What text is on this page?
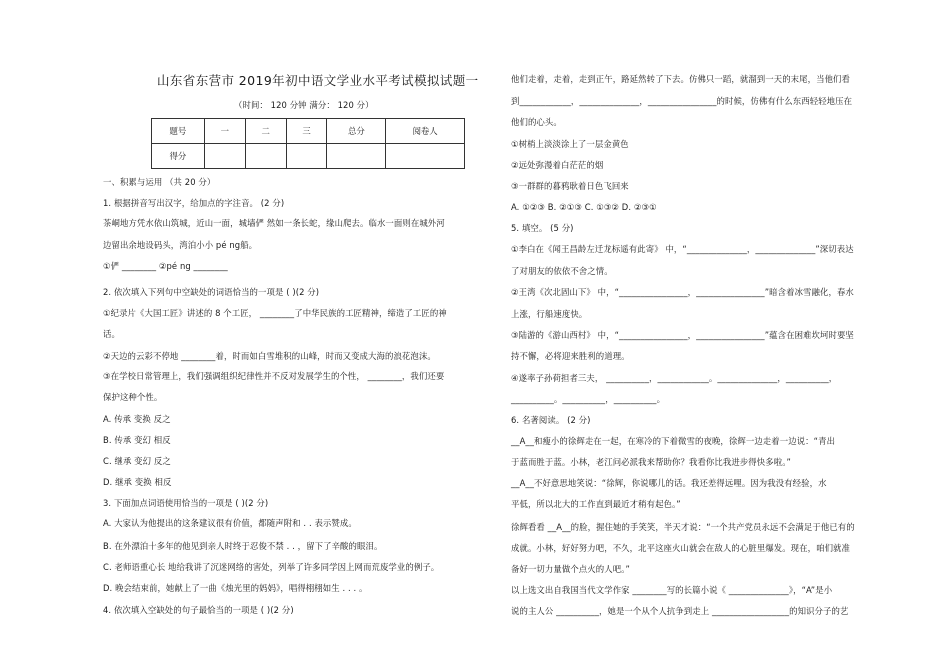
山东省东营市 2019年初中语文学业水平考试模拟试题一
（时间： 120 分钟 满分： 120 分）
题号	一	二	三	总分	阅卷人
得分					
一、积累与运用 （共 20 分）
1. 根据拼音写出汉字，给加点的字注音。 (2 分)
茶峒地方凭水依山筑城，近山一面，城墙俨 然如一条长蛇，缘山爬去。临水一面则在城外河
边留出余地设码头，湾泊小小 pé ng船。
①俨 ________ ②pé ng ________
2. 依次填入下列句中空缺处的词语恰当的一项是 ( )(2 分)
①纪录片《大国工匠》讲述的 8 个工匠， ________了中华民族的工匠精神，缔造了工匠的神
话。
②天边的云彩不停地 ________着，时而如白雪堆积的山峰，时而又变成大海的浪花泡沫。
③在学校日常管理上，我们强调组织纪律性并不反对发展学生的个性， ________，我们还要
保护这种个性。
A. 传承 变换 反之
B. 传承 变幻 相反
C. 继承 变幻 反之
D. 继承 变换 相反
3. 下面加点词语使用恰当的一项是 ( )(2 分)
A. 大家认为他提出的这条建议很有价值，都随声附和 . . 表示赞成。
B. 在外漂泊十多年的他见到亲人时终于忍俊不禁 . . ，留下了辛酸的眼泪。
C. 老师语重心长 地给我讲了沉迷网络的害处，列举了许多同学因上网而荒废学业的例子。
D. 晚会结束前，她献上了一曲《烛光里的妈妈》，唱得栩栩如生 . . . 。
4. 依次填入空缺处的句子最恰当的一项是 ( )(2 分)
他们走着，走着，走到正午，路延然转了下去。仿佛只一蹈，就溜到一天的末尾，当他们看
到____________，______________，________________的时候，仿佛有什么东西轻轻地压在
他们的心头。
①树梢上淡淡涂上了一层金黄色
②远处弥漫着白茫茫的烟
③一群群的暮鸦耿着日色飞回来
A. ①②③ B. ②①③ C. ①③② D. ②③①
5. 填空。 (5 分)
①李白在《闻王昌龄左迁龙标遥有此寄》 中，“______________，______________”深切表达
了对朋友的依依不舍之情。
②王湾《次北固山下》 中，“________________，________________”暗含着冰雪融化，春水
上涨，行船速度快。
③陆游的《游山西村》 中，“________________，________________”蕴含在困难坎坷时要坚
持不懈，必将迎来胜利的道理。
④遂率子孙荷担者三夫， __________，____________。______________，__________，
__________。__________，__________。
6. 名著阅读。 (2 分)
__A__和瘦小的徐辉走在一起，在寒冷的下着微雪的夜晚，徐辉一边走着一边说：“青出
于蓝而胜于蓝。小林，老江问必派我来帮助你？我看你比我进步得快多啦。”
__A__不好意思地笑说：“徐辉，你说哪儿的话。我还差得远哩。因为我没有经验，水
平低，所以北大的工作直到最近才稍有起色。”
徐辉看看 __A__的脸，握住她的手笑笑，半天才说：“一个共产党员永远不会满足于他已有的
成就。小林，好好努力吧，不久，北平这座火山就会在敌人的心脏里爆发。现在，咱们就准
备好一切力量做个点火的人吧。”
以上选文出自我国当代文学作家 ________写的长篇小说《 ______________》，“A”是小
说的主人公 __________，她是一个从个人抗争到走上 __________________的知识分子的艺
